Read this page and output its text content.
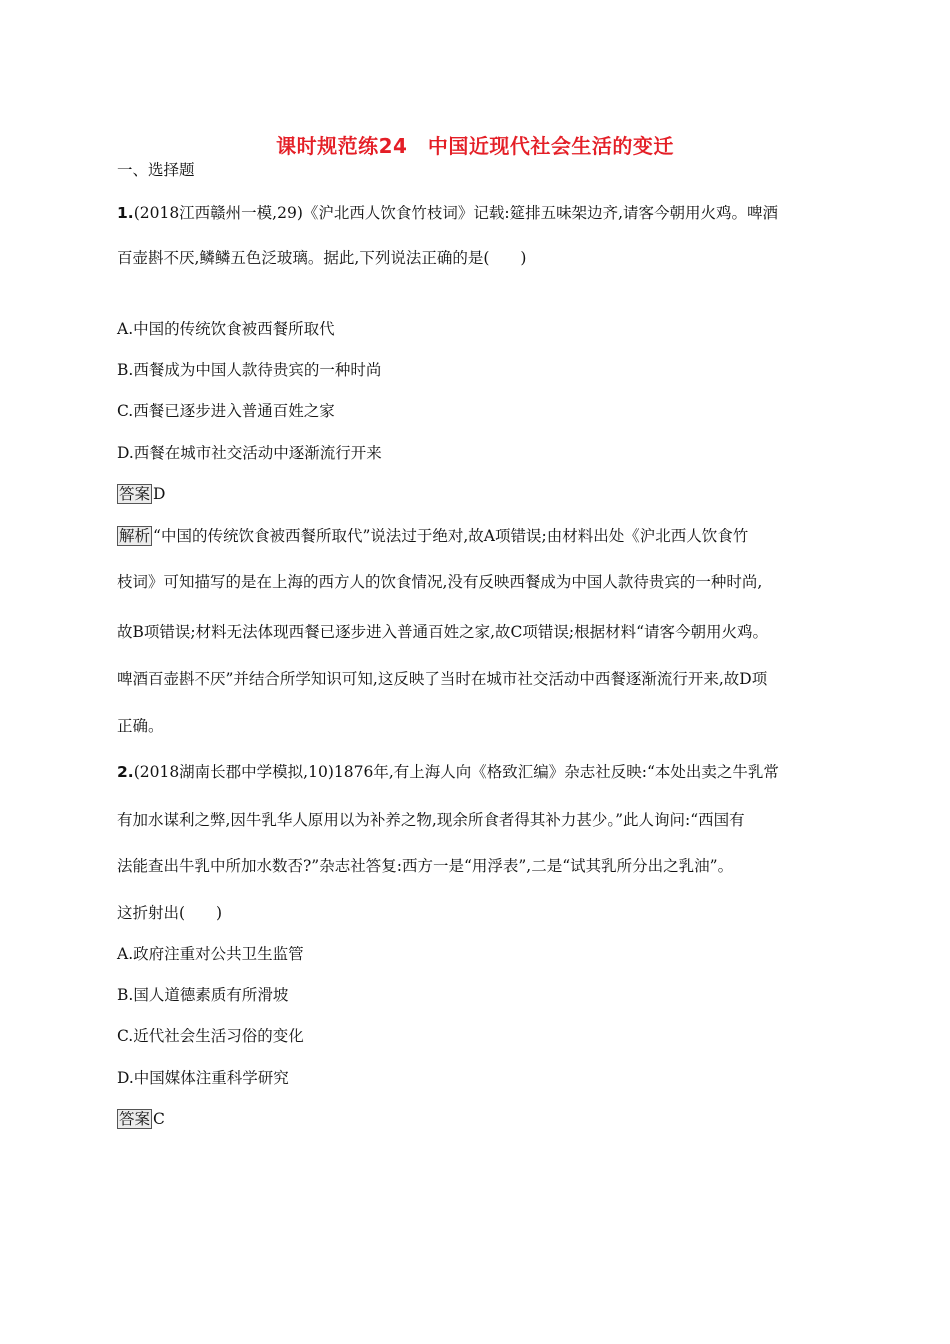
课时规范练24　中国近现代社会生活的变迁
一、选择题
1.(2018江西赣州一模,29)《沪北西人饮食竹枝词》记载:筵排五味架边齐,请客今朝用火鸡。啤酒
百壶斟不厌,鳞鳞五色泛玻璃。据此,下列说法正确的是(　　)
A.中国的传统饮食被西餐所取代
B.西餐成为中国人款待贵宾的一种时尚
C.西餐已逐步进入普通百姓之家
D.西餐在城市社交活动中逐渐流行开来
答案 D
解析 “中国的传统饮食被西餐所取代”说法过于绝对,故A项错误;由材料出处《沪北西人饮食竹
枝词》可知描写的是在上海的西方人的饮食情况,没有反映西餐成为中国人款待贵宾的一种时尚,
故B项错误;材料无法体现西餐已逐步进入普通百姓之家,故C项错误;根据材料“请客今朝用火鸡。
啤酒百壶斟不厌”并结合所学知识可知,这反映了当时在城市社交活动中西餐逐渐流行开来,故D项
正确。
2.(2018湖南长郡中学模拟,10)1876年,有上海人向《格致汇编》杂志社反映:“本处出卖之牛乳常
有加水谋利之弊,因牛乳华人原用以为补养之物,现余所食者得其补力甚少。”此人询问:“西国有
法能查出牛乳中所加水数否?”杂志社答复:西方一是“用浮表”,二是“试其乳所分出之乳油”。
这折射出(　　)
A.政府注重对公共卫生监管
B.国人道德素质有所滑坡
C.近代社会生活习俗的变化
D.中国媒体注重科学研究
答案 C
